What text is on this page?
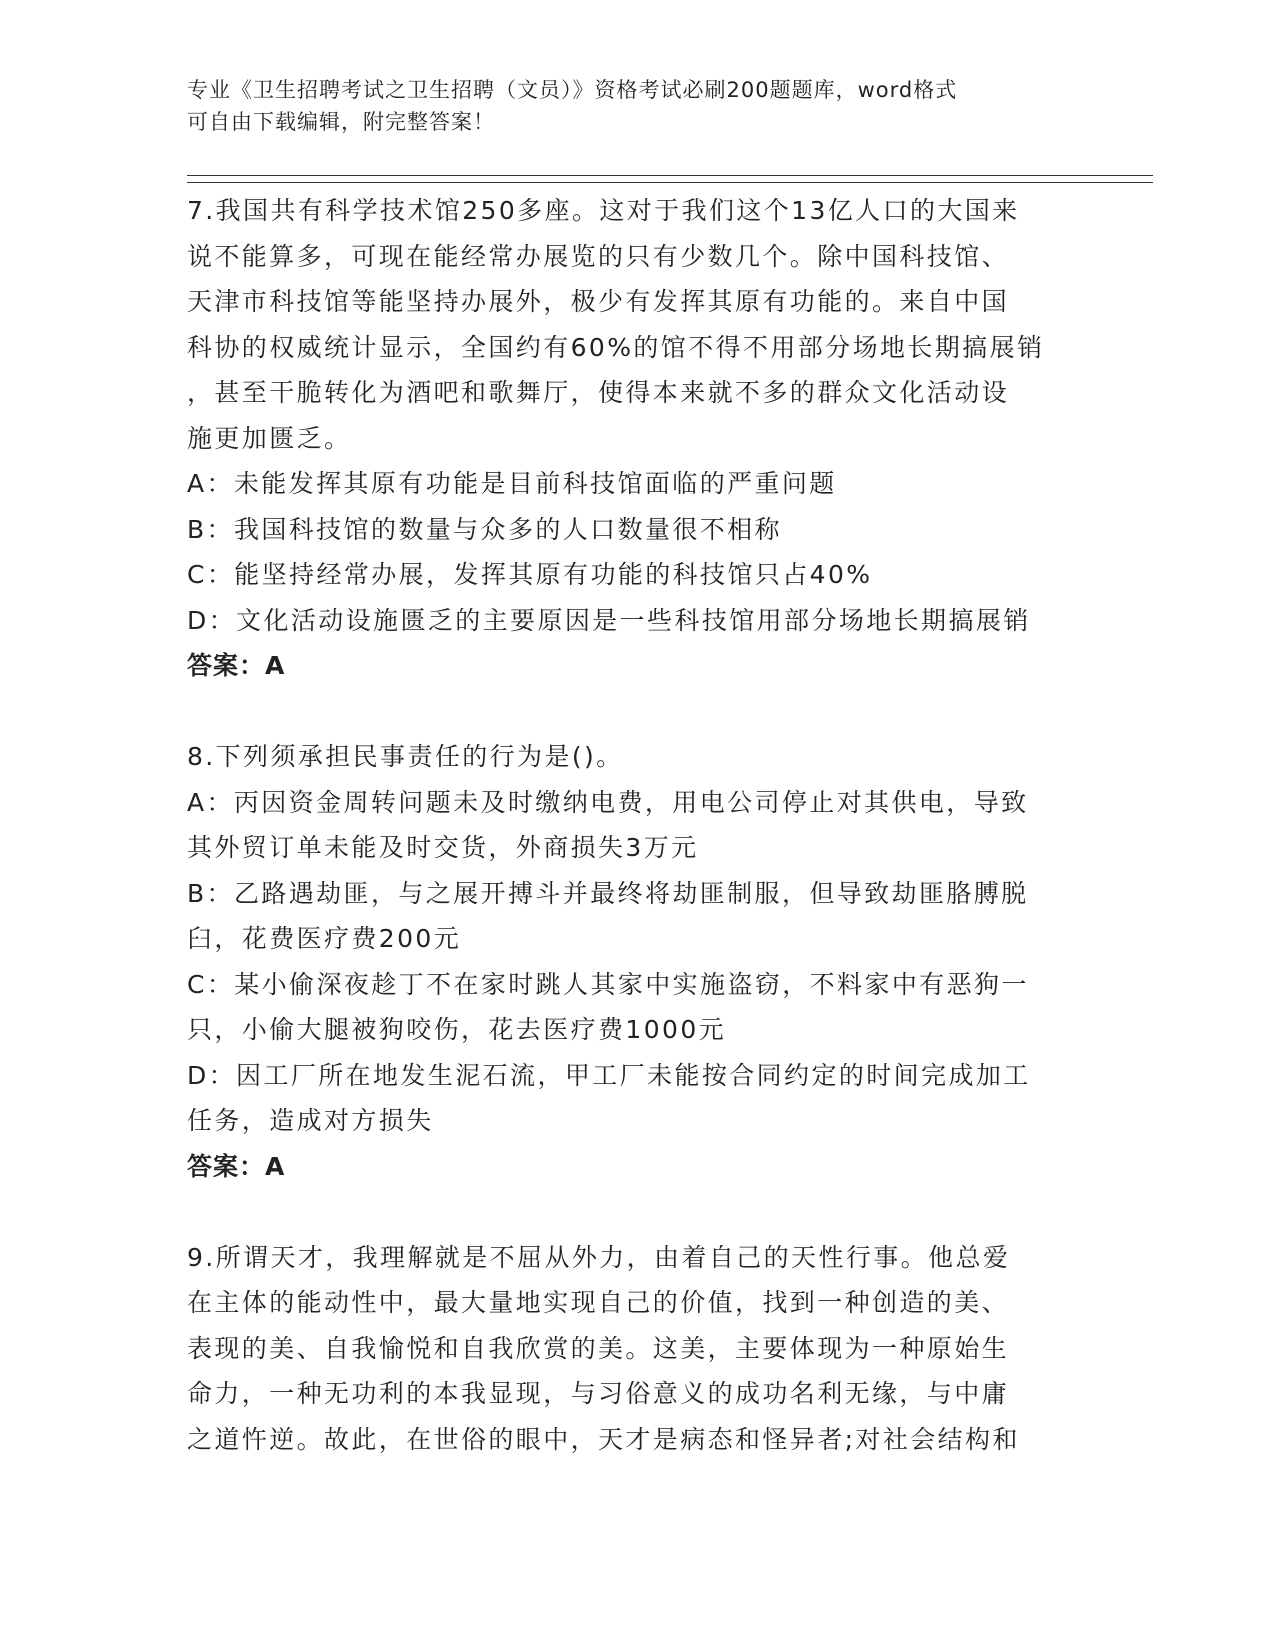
专业《卫生招聘考试之卫生招聘（文员）》资格考试必刷200题题库，word格式

可自由下载编辑，附完整答案！

7.我国共有科学技术馆250多座。这对于我们这个13亿人口的大国来

说不能算多，可现在能经常办展览的只有少数几个。除中国科技馆、

天津市科技馆等能坚持办展外，极少有发挥其原有功能的。来自中国

科协的权威统计显示，全国约有60%的馆不得不用部分场地长期搞展销

，甚至干脆转化为酒吧和歌舞厅，使得本来就不多的群众文化活动设

施更加匮乏。

A：未能发挥其原有功能是目前科技馆面临的严重问题

B：我国科技馆的数量与众多的人口数量很不相称

C：能坚持经常办展，发挥其原有功能的科技馆只占40%

D：文化活动设施匮乏的主要原因是一些科技馆用部分场地长期搞展销

答案：A

8.下列须承担民事责任的行为是()。

A：丙因资金周转问题未及时缴纳电费，用电公司停止对其供电，导致

其外贸订单未能及时交货，外商损失3万元

B：乙路遇劫匪，与之展开搏斗并最终将劫匪制服，但导致劫匪胳膊脱

臼，花费医疗费200元

C：某小偷深夜趁丁不在家时跳人其家中实施盗窃，不料家中有恶狗一

只，小偷大腿被狗咬伤，花去医疗费1000元

D：因工厂所在地发生泥石流，甲工厂未能按合同约定的时间完成加工

任务，造成对方损失

答案：A

9.所谓天才，我理解就是不屈从外力，由着自己的天性行事。他总爱

在主体的能动性中，最大量地实现自己的价值，找到一种创造的美、

表现的美、自我愉悦和自我欣赏的美。这美，主要体现为一种原始生

命力，一种无功利的本我显现，与习俗意义的成功名利无缘，与中庸

之道忤逆。故此，在世俗的眼中，天才是病态和怪异者;对社会结构和
